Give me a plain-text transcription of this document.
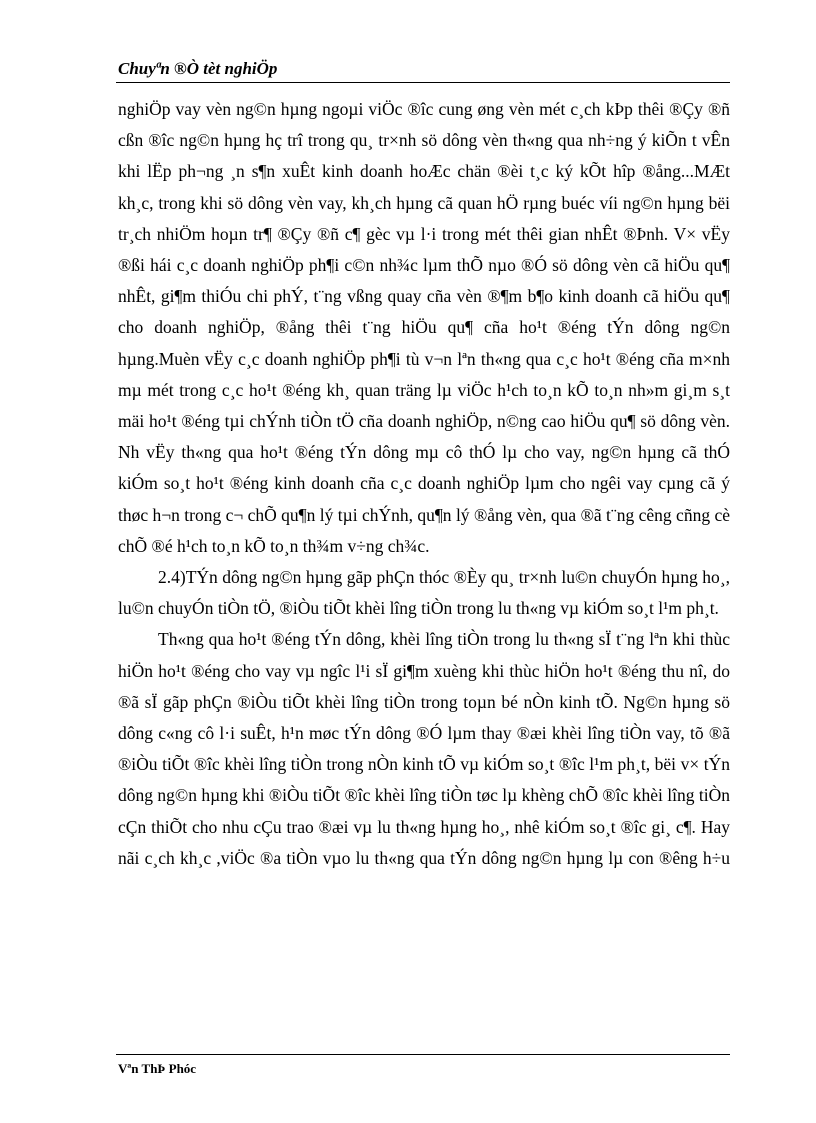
Chuyªn ®Ò tèt nghiÖp

nghiÖp vay vèn ng©n hµng ngoµi viÖc ®îc cung øng vèn mét c¸ch kÞp thêi ®Çy ®ñ cßn ®îc ng©n hµng hç trî trong qu¸ tr×nh sö dông vèn th«ng qua nh÷ng ý kiÕn t vÊn khi lËp ph¬ng ¸n s¶n xuÊt kinh doanh hoÆc chän ®èi t¸c ký kÕt hîp ®ång...MÆt kh¸c, trong khi sö dông vèn vay, kh¸ch hµng cã quan hÖ rµng buéc víi ng©n hµng bëi tr¸ch nhiÖm hoµn tr¶ ®Çy ®ñ c¶ gèc vµ l·i trong mét thêi gian nhÊt ®Þnh. V× vËy ®ßi hái c¸c doanh nghiÖp ph¶i c©n nh¾c lµm thÕ nµo ®Ó sö dông vèn cã hiÖu qu¶ nhÊt, gi¶m thiÓu chi phÝ, t¨ng vßng quay cña vèn ®¶m b¶o kinh doanh cã hiÖu qu¶ cho doanh nghiÖp, ®ång thêi t¨ng hiÖu qu¶ cña ho¹t ®éng tÝn dông ng©n hµng.Muèn vËy c¸c doanh nghiÖp ph¶i tù v¬n lªn th«ng qua c¸c ho¹t ®éng cña m×nh mµ mét trong c¸c ho¹t ®éng kh¸ quan träng lµ viÖc h¹ch to¸n kÕ to¸n nh»m gi¸m s¸t mäi ho¹t ®éng tµi chÝnh tiÒn tÖ cña doanh nghiÖp, n©ng cao hiÖu qu¶ sö dông vèn. Nh vËy th«ng qua ho¹t ®éng tÝn dông mµ cô thÓ lµ cho vay, ng©n hµng cã thÓ kiÓm so¸t ho¹t ®éng kinh doanh cña c¸c doanh nghiÖp lµm cho ngêi vay cµng cã ý thøc h¬n trong c¬ chÕ qu¶n lý tµi chÝnh, qu¶n lý ®ång vèn, qua ®ã t¨ng cêng cñng cè chÕ ®é h¹ch to¸n kÕ to¸n th¾m v÷ng ch¾c.

2.4)TÝn dông ng©n hµng gãp phÇn thóc ®Èy qu¸ tr×nh lu©n chuyÓn hµng ho¸, lu©n chuyÓn tiÒn tÖ, ®iÒu tiÕt khèi lîng tiÒn trong lu th«ng vµ kiÓm so¸t l¹m ph¸t.

Th«ng qua ho¹t ®éng tÝn dông, khèi lîng tiÒn trong lu th«ng sÏ t¨ng lªn khi thùc hiÖn ho¹t ®éng cho vay vµ ngîc l¹i sÏ gi¶m xuèng khi thùc hiÖn ho¹t ®éng thu nî, do ®ã sÏ gãp phÇn ®iÒu tiÕt khèi lîng tiÒn trong toµn bé nÒn kinh tÕ. Ng©n hµng sö dông c«ng cô l·i suÊt, h¹n møc tÝn dông ®Ó lµm thay ®æi khèi lîng tiÒn vay, tõ ®ã ®iÒu tiÕt ®îc khèi lîng tiÒn trong nÒn kinh tÕ vµ kiÓm so¸t ®îc l¹m ph¸t, bëi v× tÝn dông ng©n hµng khi ®iÒu tiÕt ®îc khèi lîng tiÒn tøc lµ khèng chÕ ®îc khèi lîng tiÒn cÇn thiÕt cho nhu cÇu trao ®æi vµ lu th«ng hµng ho¸, nhê kiÓm so¸t ®îc gi¸ c¶. Hay nãi c¸ch kh¸c ,viÖc ®a tiÒn vµo lu th«ng qua tÝn dông ng©n hµng lµ con ®êng h÷u

Vªn ThÞ Phóc
